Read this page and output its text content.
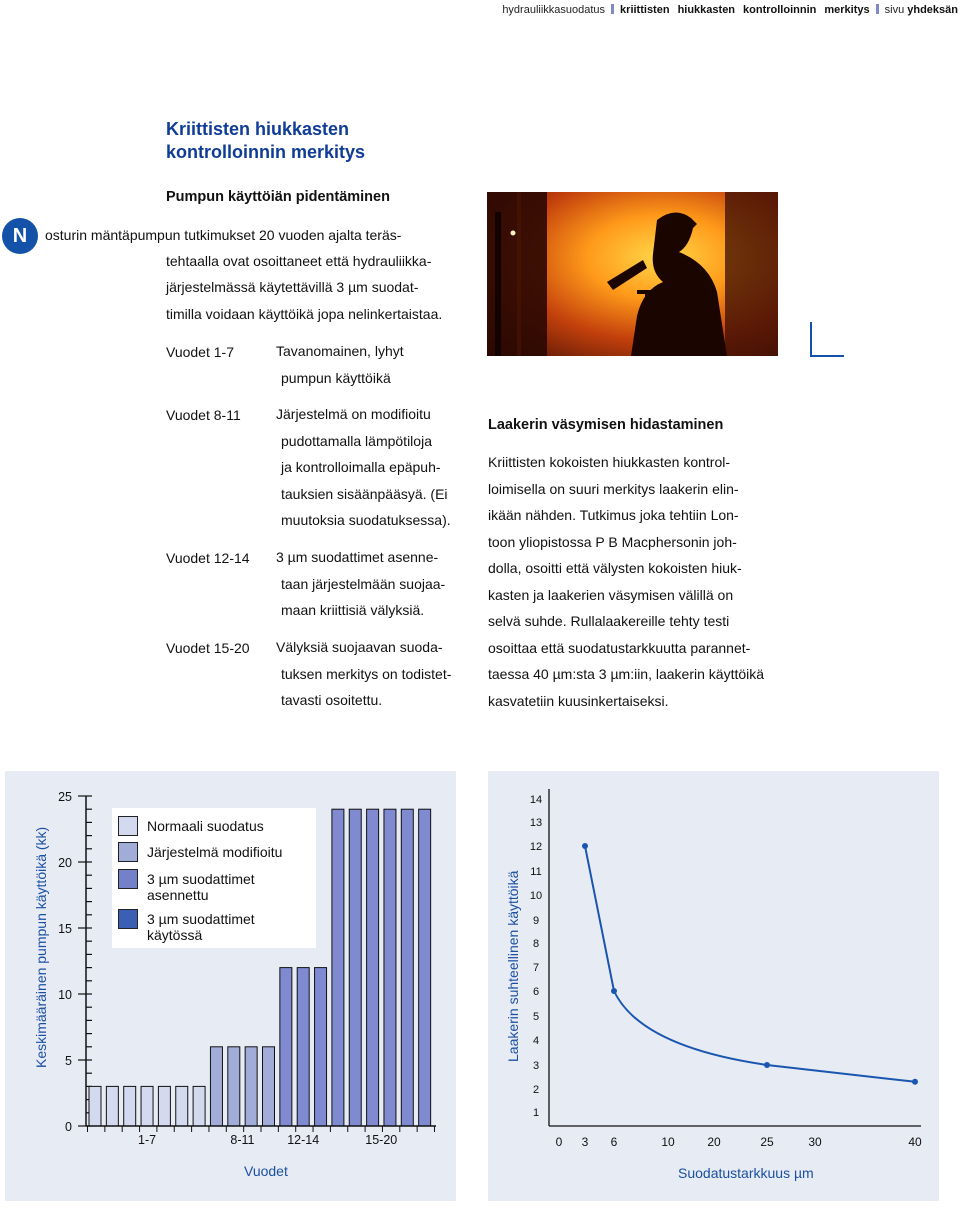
hydrauliikkasuodatus kriittisten hiukkasten kontrolloinnin merkitys sivu yhdeksän
Kriittisten hiukkasten
kontrolloinnin merkitys
Pumpun käyttöiän pidentäminen
N	osturin mäntäpumpun tutkimukset 20 vuoden ajalta teräs-
tehtaalla ovat osoittaneet että hydrauliikka-
järjestelmässä käytettävillä 3 µm suodat-
timilla voidaan käyttöikä jopa nelinkertaistaa.
Vuodet 1-7	Tavanomainen, lyhyt
pumpun käyttöikä
Vuodet 8-11	Järjestelmä on modifioitu
pudottamalla lämpötiloja
ja kontrolloimalla epäpuh-
tauksien sisäänpääsyä. (Ei
muutoksia suodatuksessa).
Vuodet 12-14 3 µm suodattimet asenne-
taan järjestelmään suojaa-
maan kriittisiä välyksiä.
Vuodet 15-20 Välyksiä suojaavan suoda-
tuksen merkitys on todistet-
tavasti osoitettu.
Laakerin väsymisen hidastaminen
Kriittisten kokoisten hiukkasten kontrol-
loimisella on suuri merkitys laakerin elin-
ikään nähden. Tutkimus joka tehtiin Lon-
toon yliopistossa P B Macphersonin joh-
dolla, osoitti että välysten kokoisten hiuk-
kasten ja laakerien väsymisen välillä on
selvä suhde. Rullalaakereille tehty testi
osoittaa että suodatustarkkuutta parannet-
taessa 40 µm:sta 3 µm:iin, laakerin käyttöikä
kasvatetiin kuusinkertaiseksi.
0
5
10
15
20
25
1-7	8-11	12-14	15-20
Keskimääräinen pumpun käyttöikä (kk)
Vuodet
Normaali suodatus
Järjestelmä modifioitu
3 µm suodattimet asennettu
3 µm suodattimet käytössä
1
2
3
4
5
6
7
8
9
10
11
12
13
14
0 3 6	10	20	25	30	40
Laakerin suhteellinen käyttöikä
Suodatustarkkuus µm
